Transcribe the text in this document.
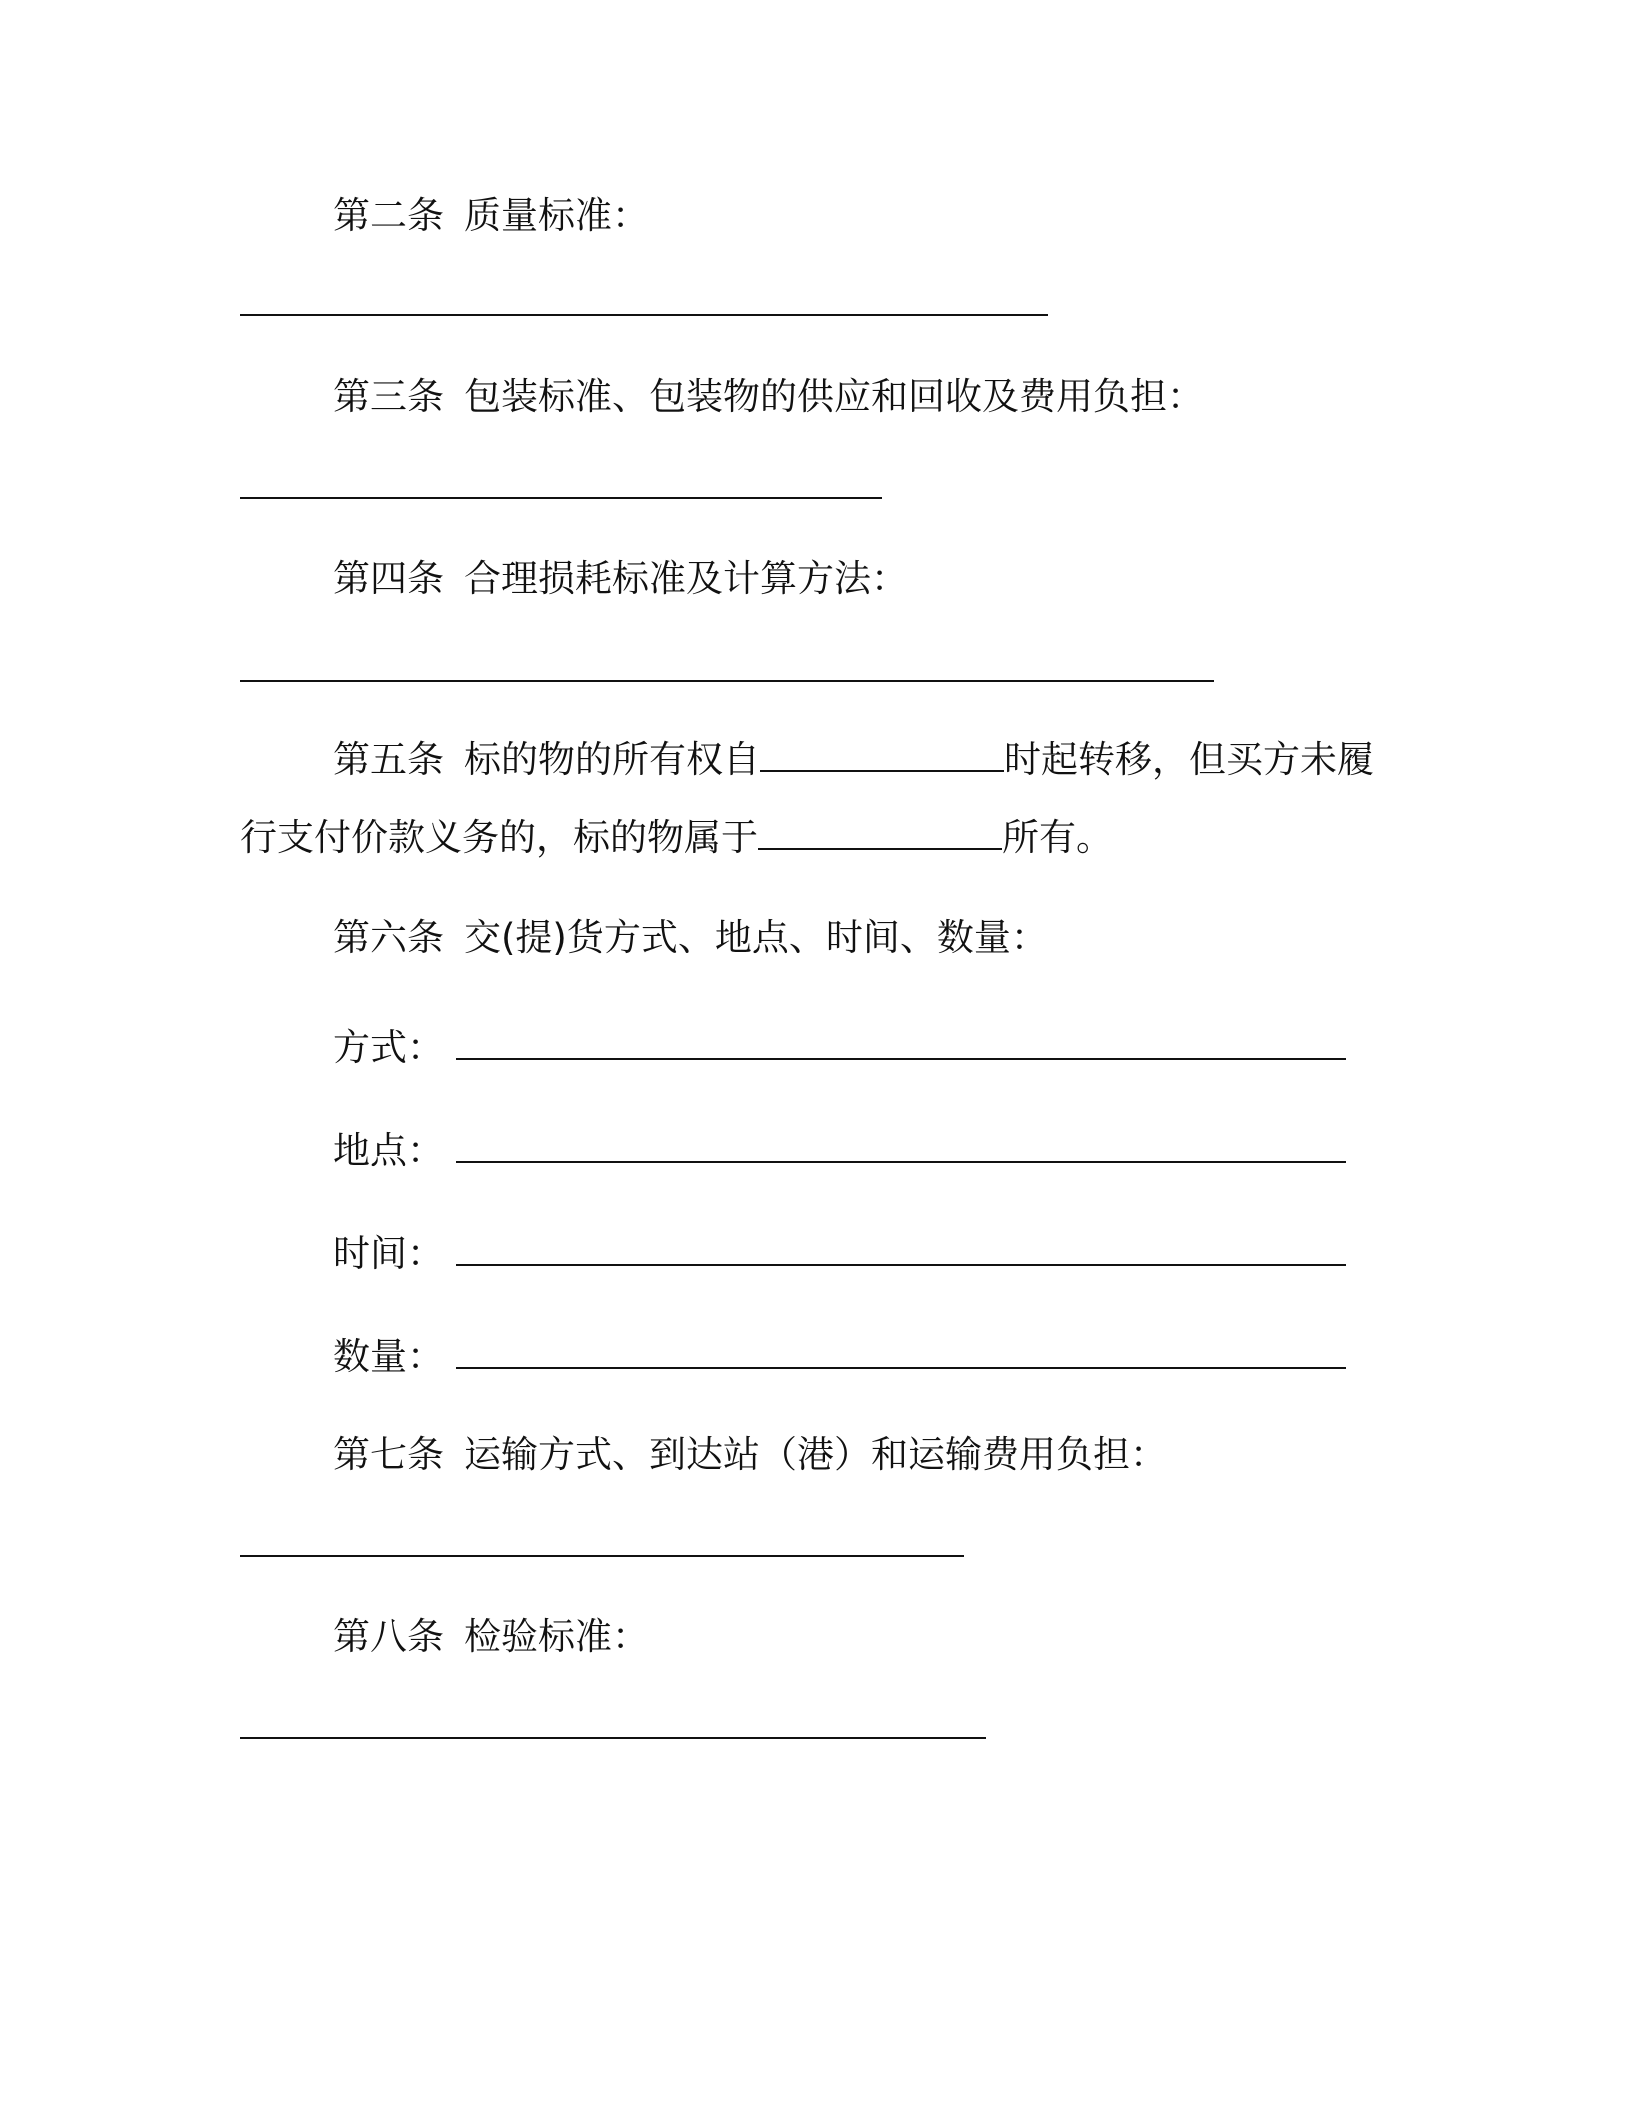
第二条 质量标准：
第三条 包装标准、包装物的供应和回收及费用负担：
第四条 合理损耗标准及计算方法：
第五条 标的物的所有权自	时起转移，但买方未履
行支付价款义务的，标的物属于	所有。
第六条 交(提)货方式、地点、时间、数量：
方式：
地点：
时间：
数量：
第七条 运输方式、到达站（港）和运输费用负担：
第八条 检验标准：
